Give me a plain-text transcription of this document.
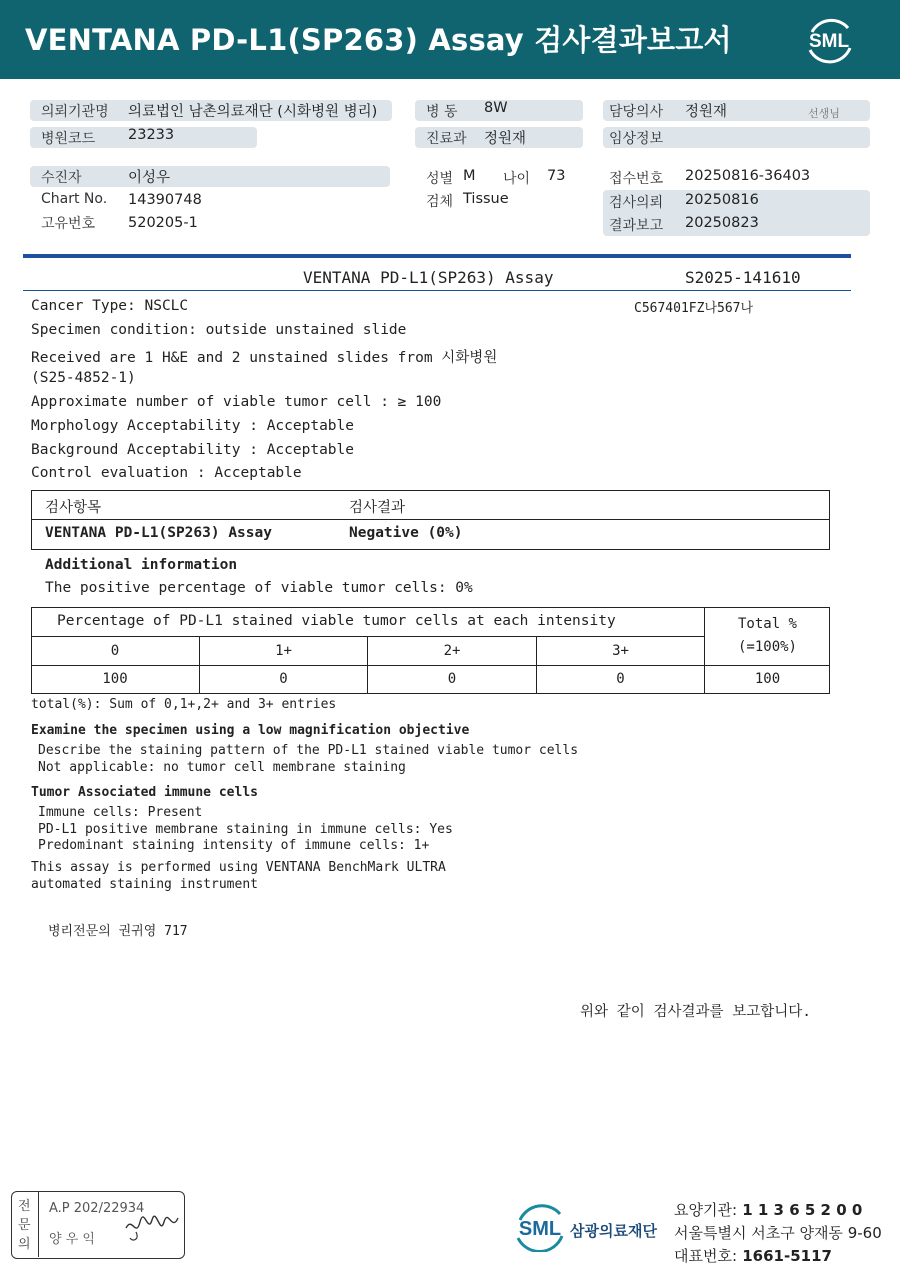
VENTANA PD-L1(SP263) Assay 검사결과보고서	SML
의뢰기관명 의료법인 남촌의료재단 (시화병원 병리)
병원코드 23233
병 동 8W
진료과 정원재
담당의사 정원재	선생님
임상정보
수진자	이성우
Chart No. 14390748
고유번호 520205-1
성별 M 나이 73
검체 Tissue
접수번호 20250816-36403
검사의뢰 20250816
결과보고 20250823
VENTANA PD-L1(SP263) Assay	S2025-141610
C567401FZ나567나
Cancer Type: NSCLC
Specimen condition: outside unstained slide
Received are 1 H&E and 2 unstained slides from 시화병원
(S25-4852-1)
Approximate number of viable tumor cell : ≥ 100
Morphology Acceptability : Acceptable
Background Acceptability : Acceptable
Control evaluation : Acceptable
검사항목	검사결과
VENTANA PD-L1(SP263) Assay	Negative (0%)
Additional information
The positive percentage of viable tumor cells: 0%
Percentage of PD-L1 stained viable tumor cells at each intensity	Total %
(=100%)
0	1+	2+	3+
100	0	0	0	100
total(%): Sum of 0,1+,2+ and 3+ entries
Examine the specimen using a low magnification objective
Describe the staining pattern of the PD-L1 stained viable tumor cells
Not applicable: no tumor cell membrane staining
Tumor Associated immune cells
Immune cells: Present
PD-L1 positive membrane staining in immune cells: Yes
Predominant staining intensity of immune cells: 1+
This assay is performed using VENTANA BenchMark ULTRA
automated staining instrument
병리전문의 권귀영 717
위와 같이 검사결과를 보고합니다.
전문의
A.P 202/22934
양 우 익	SML 삼광의료재단
요양기관: 1 1 3 6 5 2 0 0
서울특별시 서초구 양재동 9-60
대표번호: 1661-5117
